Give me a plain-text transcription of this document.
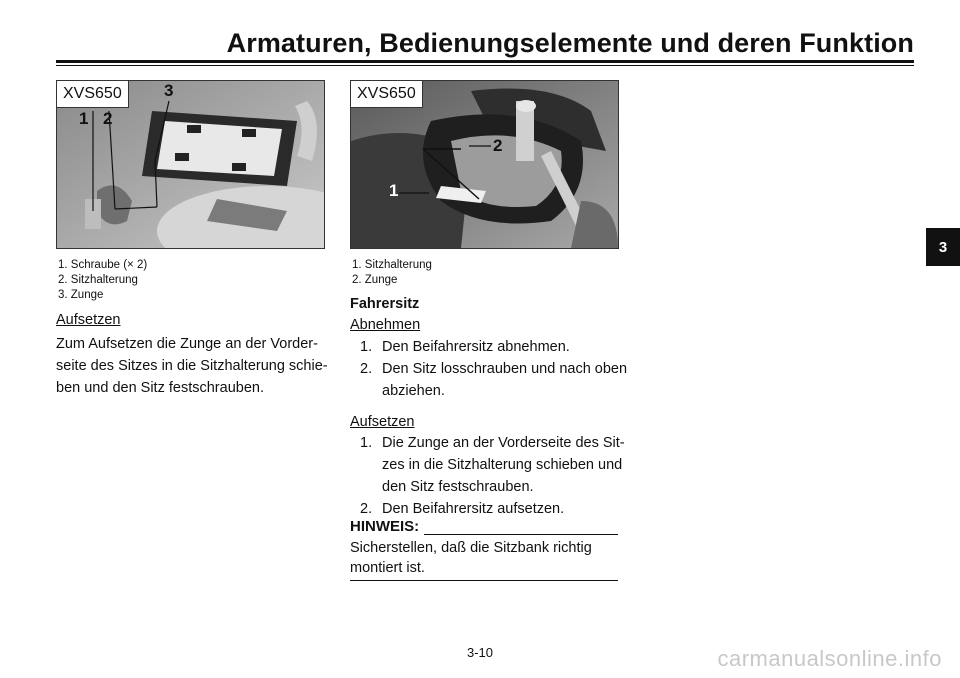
Armaturen, Bedienungselemente und deren Funktion
XVS650
1 2
3
1. Schraube (× 2)
2. Sitzhalterung
3. Zunge
Aufsetzen
Zum Aufsetzen die Zunge an der Vorder-
seite des Sitzes in die Sitzhalterung schie-
ben und den Sitz festschrauben.
XVS650
1
2
1. Sitzhalterung
2. Zunge
Fahrersitz
Abnehmen
1. Den Beifahrersitz abnehmen.
2. Den Sitz losschrauben und nach oben
abziehen.
Aufsetzen
1. Die Zunge an der Vorderseite des Sit-
zes in die Sitzhalterung schieben und
den Sitz festschrauben.
2. Den Beifahrersitz aufsetzen.
HINWEIS:
Sicherstellen, daß die Sitzbank richtig
montiert ist.
3
3-10	carmanualsonline.info
